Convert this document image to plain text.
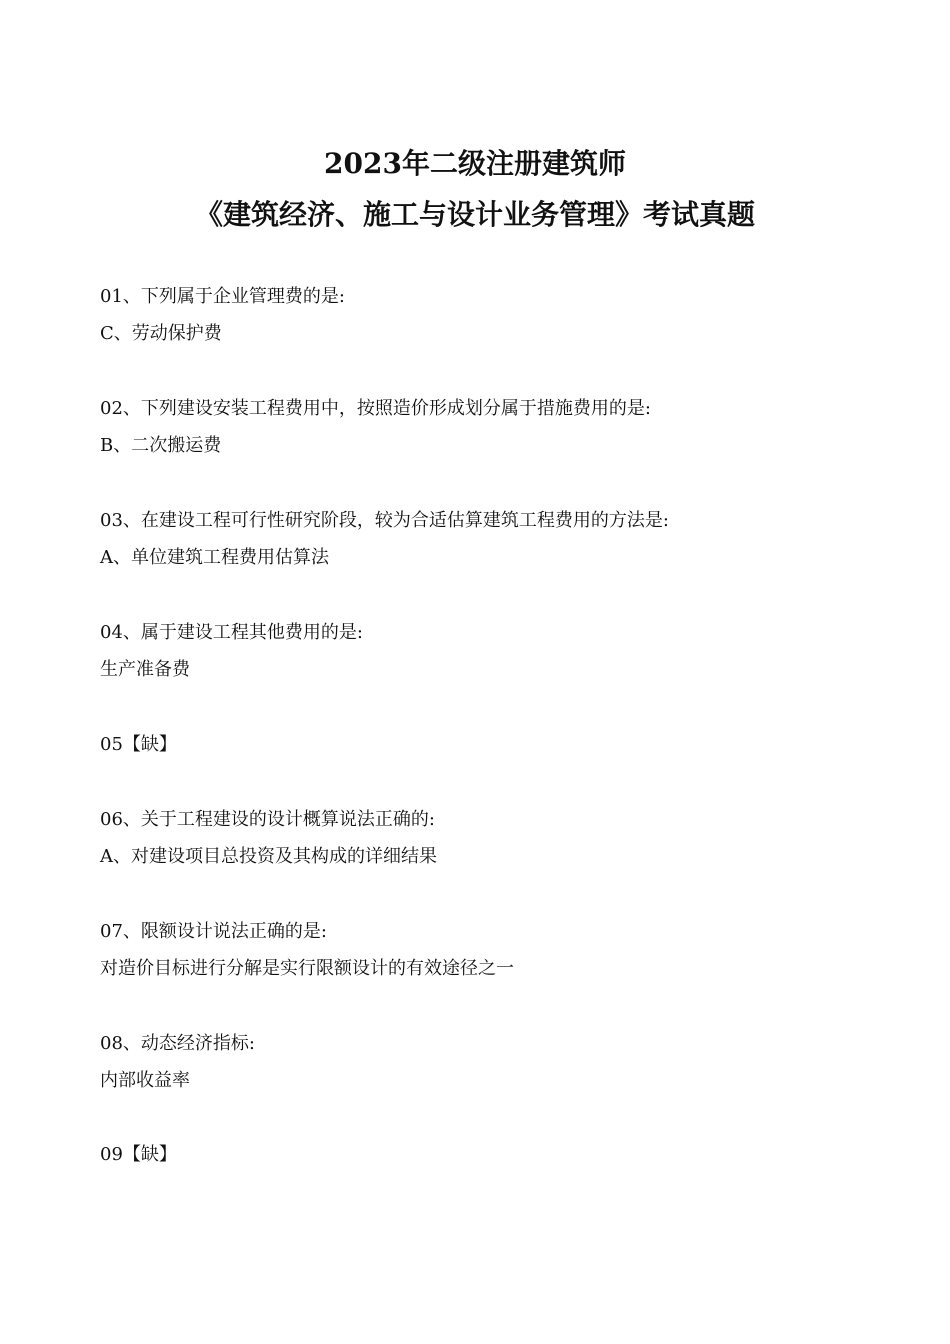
2023年二级注册建筑师
《建筑经济、施工与设计业务管理》考试真题
01、下列属于企业管理费的是:
C、劳动保护费
02、下列建设安装工程费用中，按照造价形成划分属于措施费用的是:
B、二次搬运费
03、在建设工程可行性研究阶段，较为合适估算建筑工程费用的方法是:
A、单位建筑工程费用估算法
04、属于建设工程其他费用的是:
生产准备费
05【缺】
06、关于工程建设的设计概算说法正确的:
A、对建设项目总投资及其构成的详细结果
07、限额设计说法正确的是:
对造价目标进行分解是实行限额设计的有效途径之一
08、动态经济指标:
内部收益率
09【缺】
